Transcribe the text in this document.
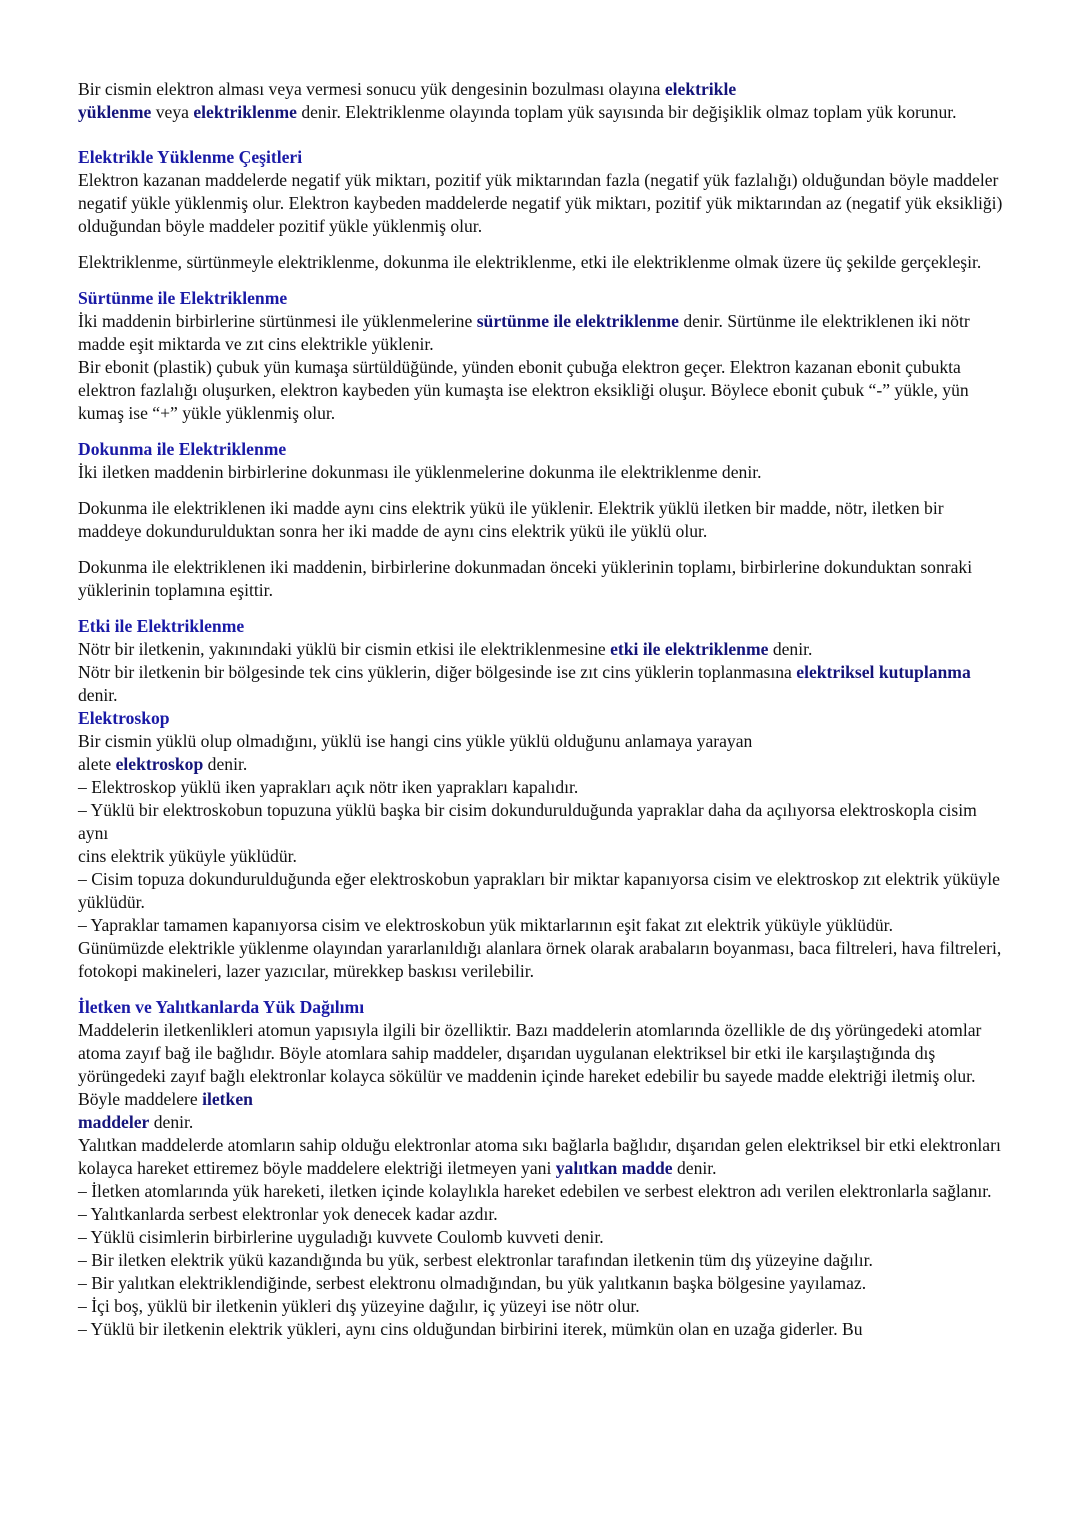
Bir cismin elektron alması veya vermesi sonucu yük dengesinin bozulması olayına elektrikle
yüklenme veya elektriklenme denir. Elektriklenme olayında toplam yük sayısında bir değişiklik olmaz toplam yük korunur.

Elektrikle Yüklenme Çeşitleri

Elektron kazanan maddelerde negatif yük miktarı, pozitif yük miktarından fazla (negatif yük fazlalığı) olduğundan böyle maddeler negatif yükle yüklenmiş olur. Elektron kaybeden maddelerde negatif yük miktarı, pozitif yük miktarından az (negatif yük eksikliği) olduğundan böyle maddeler pozitif yükle yüklenmiş olur.

Elektriklenme, sürtünmeyle elektriklenme, dokunma ile elektriklenme, etki ile elektriklenme olmak üzere üç şekilde gerçekleşir.

Sürtünme ile Elektriklenme

İki maddenin birbirlerine sürtünmesi ile yüklenmelerine sürtünme ile elektriklenme denir. Sürtünme ile elektriklenen iki nötr madde eşit miktarda ve zıt cins elektrikle yüklenir.

Bir ebonit (plastik) çubuk yün kumaşa sürtüldüğünde, yünden ebonit çubuğa elektron geçer. Elektron kazanan ebonit çubukta elektron fazlalığı oluşurken, elektron kaybeden yün kumaşta ise elektron eksikliği oluşur. Böylece ebonit çubuk “-” yükle, yün kumaş ise “+” yükle yüklenmiş olur.

Dokunma ile Elektriklenme

İki iletken maddenin birbirlerine dokunması ile yüklenmelerine dokunma ile elektriklenme denir.

Dokunma ile elektriklenen iki madde aynı cins elektrik yükü ile yüklenir. Elektrik yüklü iletken bir madde, nötr, iletken bir maddeye dokundurulduktan sonra her iki madde de aynı cins elektrik yükü ile yüklü olur.

Dokunma ile elektriklenen iki maddenin, birbirlerine dokunmadan önceki yüklerinin toplamı, birbirlerine dokunduktan sonraki yüklerinin toplamına eşittir.

Etki ile Elektriklenme

Nötr bir iletkenin, yakınındaki yüklü bir cismin etkisi ile elektriklenmesine etki ile elektriklenme denir.

Nötr bir iletkenin bir bölgesinde tek cins yüklerin, diğer bölgesinde ise zıt cins yüklerin toplanmasına elektriksel kutuplanma denir.

Elektroskop

Bir cismin yüklü olup olmadığını, yüklü ise hangi cins yükle yüklü olduğunu anlamaya yarayan

alete elektroskop denir.

– Elektroskop yüklü iken yaprakları açık nötr iken yaprakları kapalıdır.

– Yüklü bir elektroskobun topuzuna yüklü başka bir cisim dokundurulduğunda yapraklar daha da açılıyorsa elektroskopla cisim aynı

cins elektrik yüküyle yüklüdür.

– Cisim topuza dokundurulduğunda eğer elektroskobun yaprakları bir miktar kapanıyorsa cisim ve elektroskop zıt elektrik yüküyle yüklüdür.

– Yapraklar tamamen kapanıyorsa cisim ve elektroskobun yük miktarlarının eşit fakat zıt elektrik yüküyle yüklüdür.

Günümüzde elektrikle yüklenme olayından yararlanıldığı alanlara örnek olarak arabaların boyanması, baca filtreleri, hava filtreleri, fotokopi makineleri, lazer yazıcılar, mürekkep baskısı verilebilir.

İletken ve Yalıtkanlarda Yük Dağılımı

Maddelerin iletkenlikleri atomun yapısıyla ilgili bir özelliktir. Bazı maddelerin atomlarında özellikle de dış yörüngedeki atomlar atoma zayıf bağ ile bağlıdır. Böyle atomlara sahip maddeler, dışarıdan uygulanan elektriksel bir etki ile karşılaştığında dış yörüngedeki zayıf bağlı elektronlar kolayca sökülür ve maddenin içinde hareket edebilir bu sayede madde elektriği iletmiş olur. Böyle maddelere iletken
maddeler denir.

Yalıtkan maddelerde atomların sahip olduğu elektronlar atoma sıkı bağlarla bağlıdır, dışarıdan gelen elektriksel bir etki elektronları kolayca hareket ettiremez böyle maddelere elektriği iletmeyen yani yalıtkan madde denir.

– İletken atomlarında yük hareketi, iletken içinde kolaylıkla hareket edebilen ve serbest elektron adı verilen elektronlarla sağlanır.

– Yalıtkanlarda serbest elektronlar yok denecek kadar azdır.

– Yüklü cisimlerin birbirlerine uyguladığı kuvvete Coulomb kuvveti denir.

– Bir iletken elektrik yükü kazandığında bu yük, serbest elektronlar tarafından iletkenin tüm dış yüzeyine dağılır.

– Bir yalıtkan elektriklendiğinde, serbest elektronu olmadığından, bu yük yalıtkanın başka bölgesine yayılamaz.

– İçi boş, yüklü bir iletkenin yükleri dış yüzeyine dağılır, iç yüzeyi ise nötr olur.

– Yüklü bir iletkenin elektrik yükleri, aynı cins olduğundan birbirini iterek, mümkün olan en uzağa giderler. Bu
